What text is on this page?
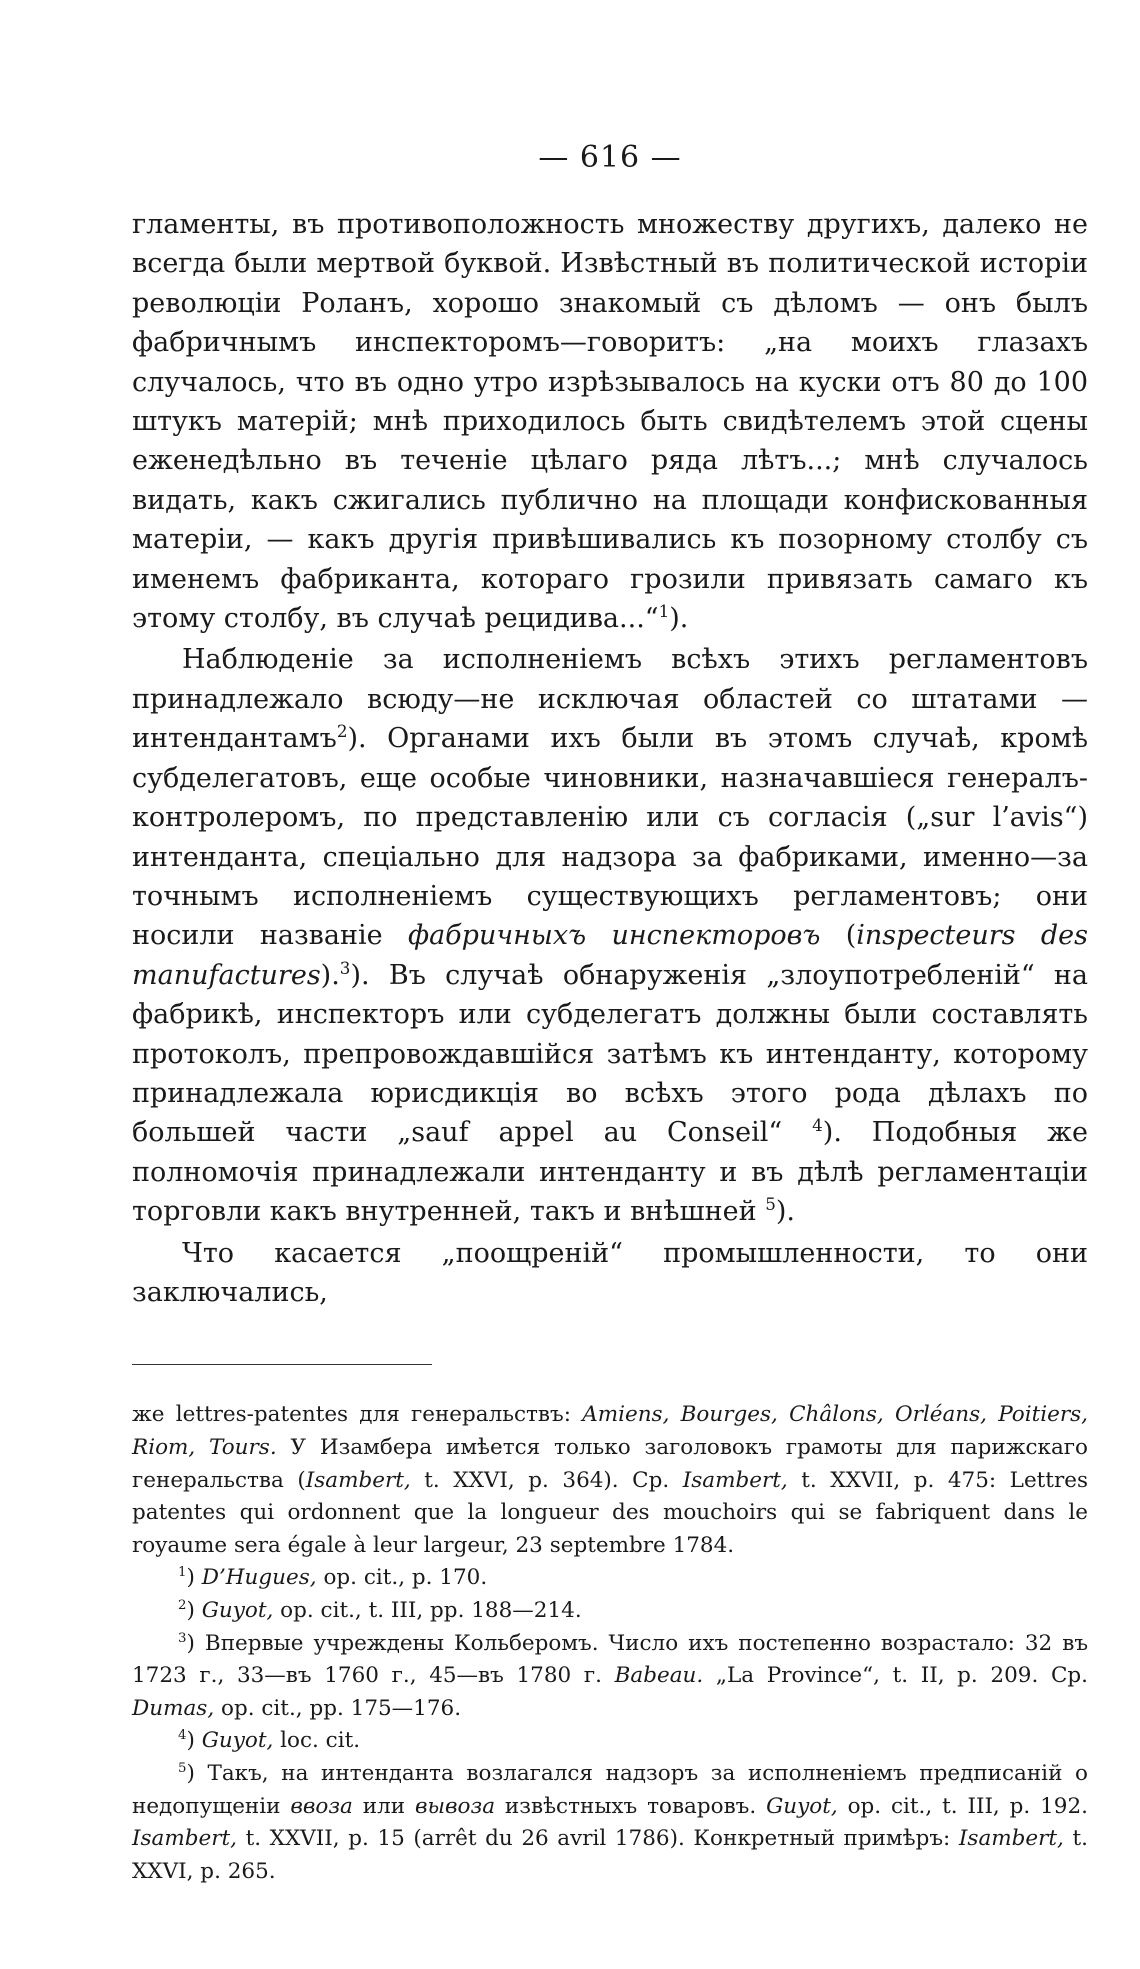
— 616 —

гламенты, въ противоположность множеству другихъ, далеко не всегда были мертвой буквой. Извѣстный въ политической исторіи революціи Роланъ, хорошо знакомый съ дѣломъ — онъ былъ фабричнымъ инспекторомъ—говоритъ: „на моихъ глазахъ случалось, что въ одно утро изрѣзывалось на куски отъ 80 до 100 штукъ матерій; мнѣ приходилось быть свидѣтелемъ этой сцены еженедѣльно въ теченіе цѣлаго ряда лѣтъ...; мнѣ случалось видать, какъ сжигались публично на площади конфискованныя матеріи, — какъ другія привѣшивались къ позорному столбу съ именемъ фабриканта, котораго грозили привязать самаго къ этому столбу, въ случаѣ рецидива...“$^1$).

Наблюденіе за исполненіемъ всѣхъ этихъ регламентовъ принадлежало всюду—не исключая областей со штатами — интендантамъ$^2$). Органами ихъ были въ этомъ случаѣ, кромѣ субделегатовъ, еще особые чиновники, назначавшіеся генералъ-контролеромъ, по представленію или съ согласія („sur l’avis“) интенданта, спеціально для надзора за фабриками, именно—за точнымъ исполненіемъ существующихъ регламентовъ; они носили названіе фабричныхъ инспекторовъ (inspecteurs des manufactures).$^3$). Въ случаѣ обнаруженія „злоупотребленій“ на фабрикѣ, инспекторъ или субделегатъ должны были составлять протоколъ, препровождавшійся затѣмъ къ интенданту, которому принадлежала юрисдикція во всѣхъ этого рода дѣлахъ по большей части „sauf appel au Conseil“ $^4$). Подобныя же полномочія принадлежали интенданту и въ дѣлѣ регламентаціи торговли какъ внутренней, такъ и внѣшней $^5$).

Что касается „поощреній“ промышленности, то они заключались,

же lettres-patentes для генеральствъ: Amiens, Bourges, Châlons, Orléans, Poitiers, Riom, Tours. У Изамбера имѣется только заголовокъ грамоты для парижскаго генеральства (Isambert, t. XXVI, p. 364). Ср. Isambert, t. XXVII, p. 475: Lettres patentes qui ordonnent que la longueur des mouchoirs qui se fabriquent dans le royaume sera égale à leur largeur, 23 septembre 1784.

$^1$) D’Hugues, op. cit., p. 170.

$^2$) Guyot, op. cit., t. III, pp. 188—214.

$^3$) Впервые учреждены Кольберомъ. Число ихъ постепенно возрастало: 32 въ 1723 г., 33—въ 1760 г., 45—въ 1780 г. Babeau. „La Province“, t. II, p. 209. Ср. Dumas, op. cit., pp. 175—176.

$^4$) Guyot, loc. cit.

$^5$) Такъ, на интенданта возлагался надзоръ за исполненіемъ предписаній о недопущеніи ввоза или вывоза извѣстныхъ товаровъ. Guyot, op. cit., t. III, p. 192. Isambert, t. XXVII, p. 15 (arrêt du 26 avril 1786). Конкретный примѣръ: Isambert, t. XXVI, p. 265.
